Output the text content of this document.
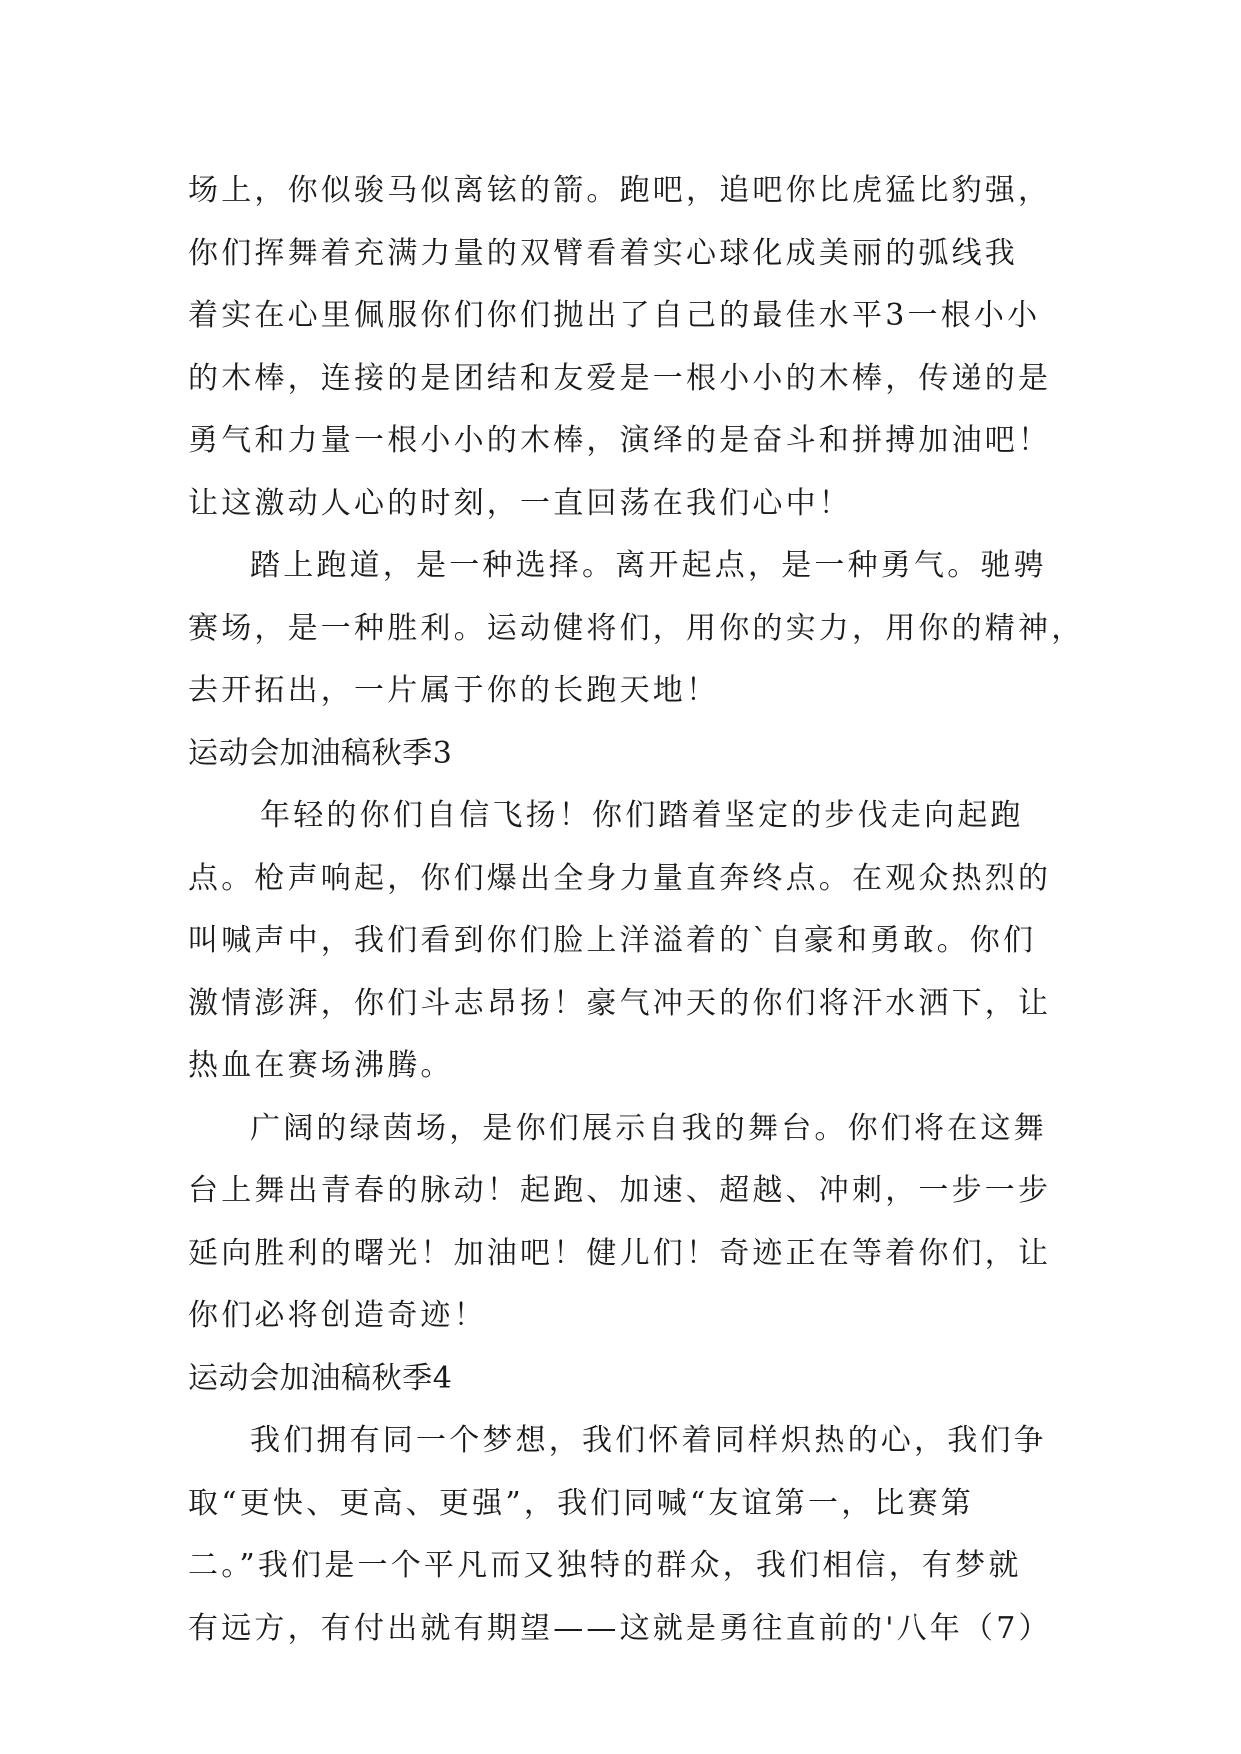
场上，你似骏马似离铉的箭。跑吧，追吧你比虎猛比豹强，
你们挥舞着充满力量的双臂看着实心球化成美丽的弧线我
着实在心里佩服你们你们抛出了自己的最佳水平3一根小小
的木棒，连接的是团结和友爱是一根小小的木棒，传递的是
勇气和力量一根小小的木棒，演绎的是奋斗和拼搏加油吧！
让这激动人心的时刻，一直回荡在我们心中！
踏上跑道，是一种选择。离开起点，是一种勇气。驰骋
赛场，是一种胜利。运动健将们，用你的实力，用你的精神，
去开拓出，一片属于你的长跑天地！
运动会加油稿秋季3
年轻的你们自信飞扬！你们踏着坚定的步伐走向起跑
点。枪声响起，你们爆出全身力量直奔终点。在观众热烈的
叫喊声中，我们看到你们脸上洋溢着的`自豪和勇敢。你们
激情澎湃，你们斗志昂扬！豪气冲天的你们将汗水洒下，让
热血在赛场沸腾。
广阔的绿茵场，是你们展示自我的舞台。你们将在这舞
台上舞出青春的脉动！起跑、加速、超越、冲刺，一步一步
延向胜利的曙光！加油吧！健儿们！奇迹正在等着你们，让
你们必将创造奇迹！
运动会加油稿秋季4
我们拥有同一个梦想，我们怀着同样炽热的心，我们争
取“更快、更高、更强”，我们同喊“友谊第一，比赛第
二。”我们是一个平凡而又独特的群众，我们相信，有梦就
有远方，有付出就有期望——这就是勇往直前的'八年（7）
